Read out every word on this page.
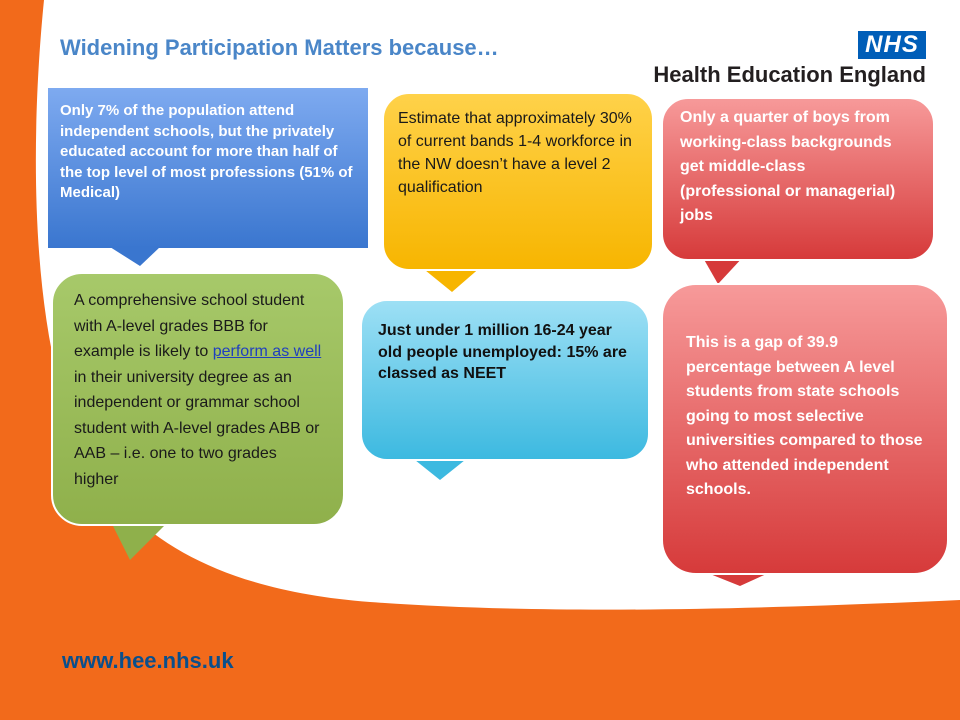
Widening Participation Matters because…	NHS
Health Education England
Only 7% of the population attend independent schools, but the privately educated account for more than half of the top level of most professions (51% of Medical)
Estimate that approximately 30% of current bands 1-4 workforce in the NW doesn’t have a level 2 qualification
Only a quarter of boys from working-class backgrounds get middle-class (professional or managerial) jobs
A comprehensive school student with A-level grades BBB for example is likely to perform as well in their university degree as an independent or grammar school student with A-level grades ABB or AAB – i.e. one to two grades higher
Just under 1 million 16-24 year old people unemployed: 15% are classed as NEET
This is a gap of 39.9 percentage between A level students from state schools going to most selective universities compared to those who attended independent schools.
www.hee.nhs.uk
